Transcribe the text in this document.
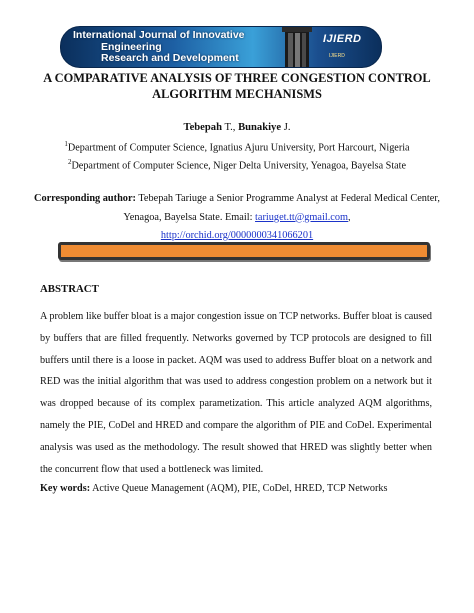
International Journal of Innovative
Engineering
Research and Development
IJIERD
IJIERD
A COMPARATIVE ANALYSIS OF THREE CONGESTION CONTROL
ALGORITHM MECHANISMS
Tebepah T., Bunakiye J.
$^1$Department of Computer Science, Ignatius Ajuru University, Port Harcourt, Nigeria
$^2$Department of Computer Science, Niger Delta University, Yenagoa, Bayelsa State
Corresponding author: Tebepah Tariuge a Senior Programme Analyst at Federal Medical Center, Yenagoa, Bayelsa State. Email: tariuget.tt@gmail.com,
http://orchid.org/0000000341066201
ABSTRACT
A problem like buffer bloat is a major congestion issue on TCP networks. Buffer bloat is caused by buffers that are filled frequently. Networks governed by TCP protocols are designed to fill buffers until there is a loose in packet. AQM was used to address Buffer bloat on a network and RED was the initial algorithm that was used to address congestion problem on a network but it was dropped because of its complex parametization. This article analyzed AQM algorithms, namely the PIE, CoDel and HRED and compare the algorithm of PIE and CoDel. Experimental analysis was used as the methodology. The result showed that HRED was slightly better when the concurrent flow that used a bottleneck was limited.
Key words: Active Queue Management (AQM), PIE, CoDel, HRED, TCP Networks
